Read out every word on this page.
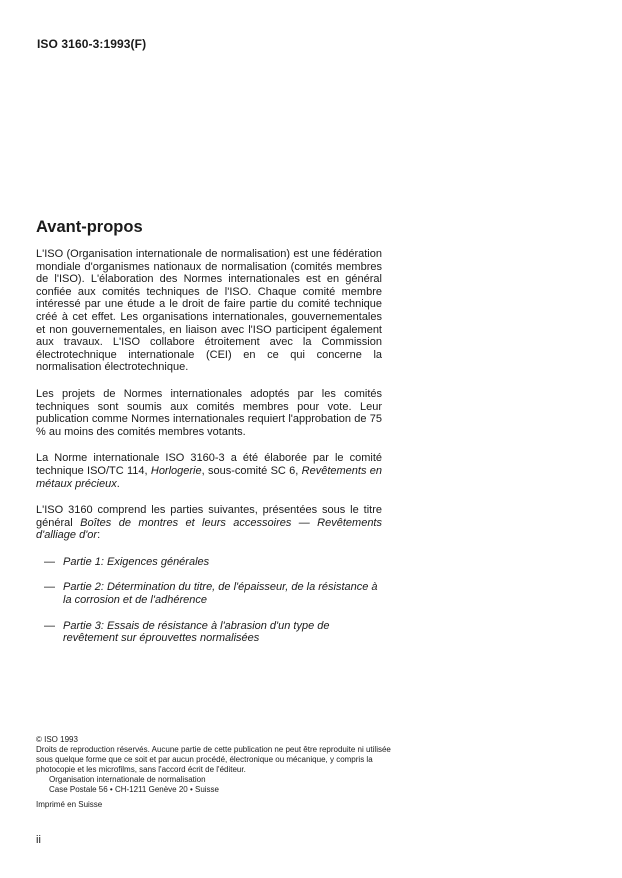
ISO 3160-3:1993(F)
Avant-propos

L'ISO (Organisation internationale de normalisation) est une fédération mondiale d'organismes nationaux de normalisation (comités membres de l'ISO). L'élaboration des Normes internationales est en général confiée aux comités techniques de l'ISO. Chaque comité membre intéressé par une étude a le droit de faire partie du comité technique créé à cet effet. Les organisations internationales, gouvernementales et non gouvernementales, en liaison avec l'ISO participent également aux travaux. L'ISO collabore étroitement avec la Commission électrotechnique internationale (CEI) en ce qui concerne la normalisation électrotechnique.

Les projets de Normes internationales adoptés par les comités techniques sont soumis aux comités membres pour vote. Leur publication comme Normes internationales requiert l'approbation de 75 % au moins des comités membres votants.

La Norme internationale ISO 3160-3 a été élaborée par le comité technique ISO/TC 114, Horlogerie, sous-comité SC 6, Revêtements en métaux précieux.

L'ISO 3160 comprend les parties suivantes, présentées sous le titre général Boîtes de montres et leurs accessoires — Revêtements d'alliage d'or:

— Partie 1: Exigences générales
— Partie 2: Détermination du titre, de l'épaisseur, de la résistance à la corrosion et de l'adhérence
— Partie 3: Essais de résistance à l'abrasion d'un type de revêtement sur éprouvettes normalisées
© ISO 1993
Droits de reproduction réservés. Aucune partie de cette publication ne peut être reproduite ni utilisée sous quelque forme que ce soit et par aucun procédé, électronique ou mécanique, y compris la photocopie et les microfilms, sans l'accord écrit de l'éditeur.
Organisation internationale de normalisation
Case Postale 56 • CH-1211 Genève 20 • Suisse
Imprimé en Suisse
ii
